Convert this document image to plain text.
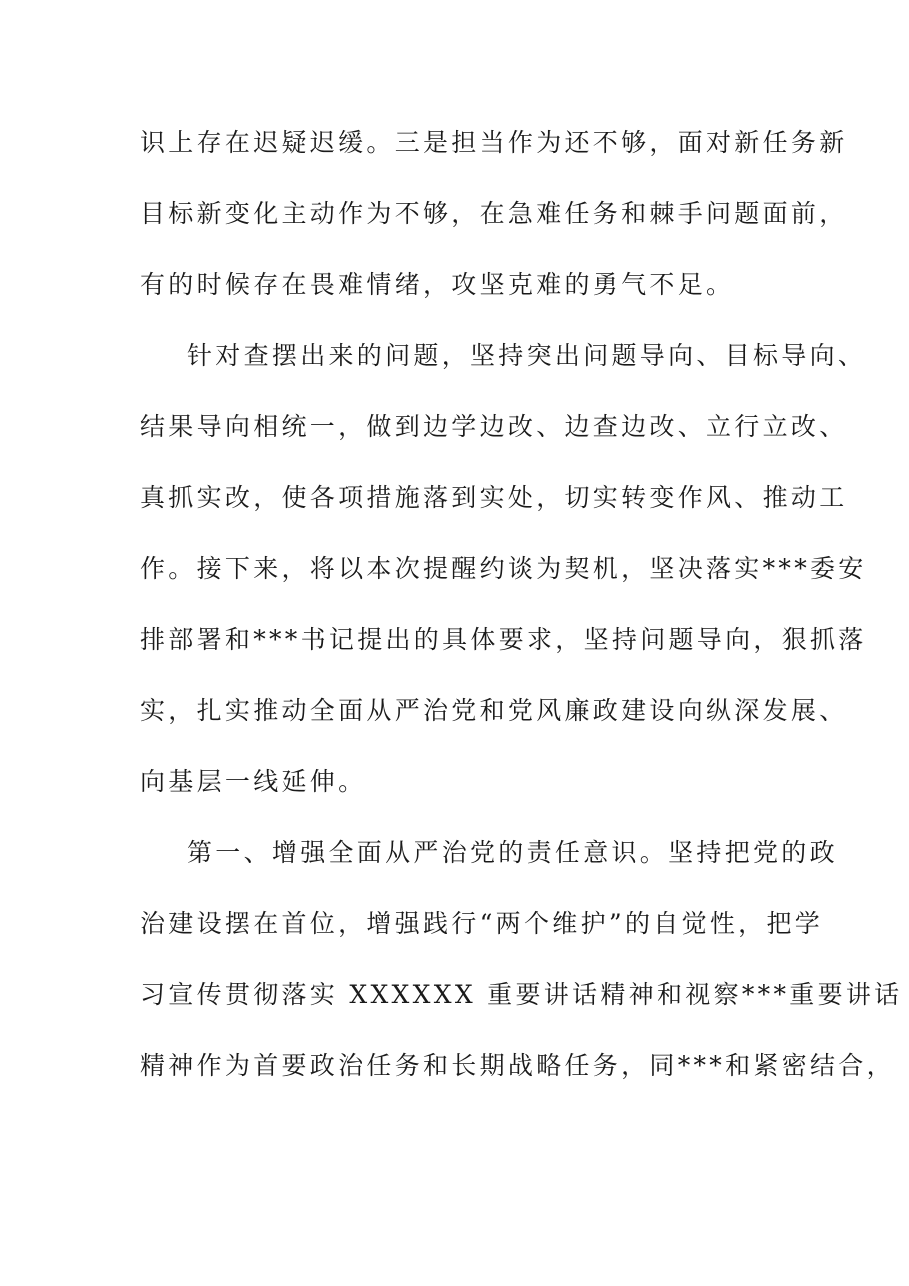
识上存在迟疑迟缓。三是担当作为还不够，面对新任务新
目标新变化主动作为不够，在急难任务和棘手问题面前，
有的时候存在畏难情绪，攻坚克难的勇气不足。
针对查摆出来的问题，坚持突出问题导向、目标导向、
结果导向相统一，做到边学边改、边查边改、立行立改、
真抓实改，使各项措施落到实处，切实转变作风、推动工
作。接下来，将以本次提醒约谈为契机，坚决落实***委安
排部署和***书记提出的具体要求，坚持问题导向，狠抓落
实，扎实推动全面从严治党和党风廉政建设向纵深发展、
向基层一线延伸。
第一、增强全面从严治党的责任意识。坚持把党的政
治建设摆在首位，增强践行“两个维护”的自觉性，把学
习宣传贯彻落实 XXXXXX 重要讲话精神和视察***重要讲话
精神作为首要政治任务和长期战略任务，同***和紧密结合，
